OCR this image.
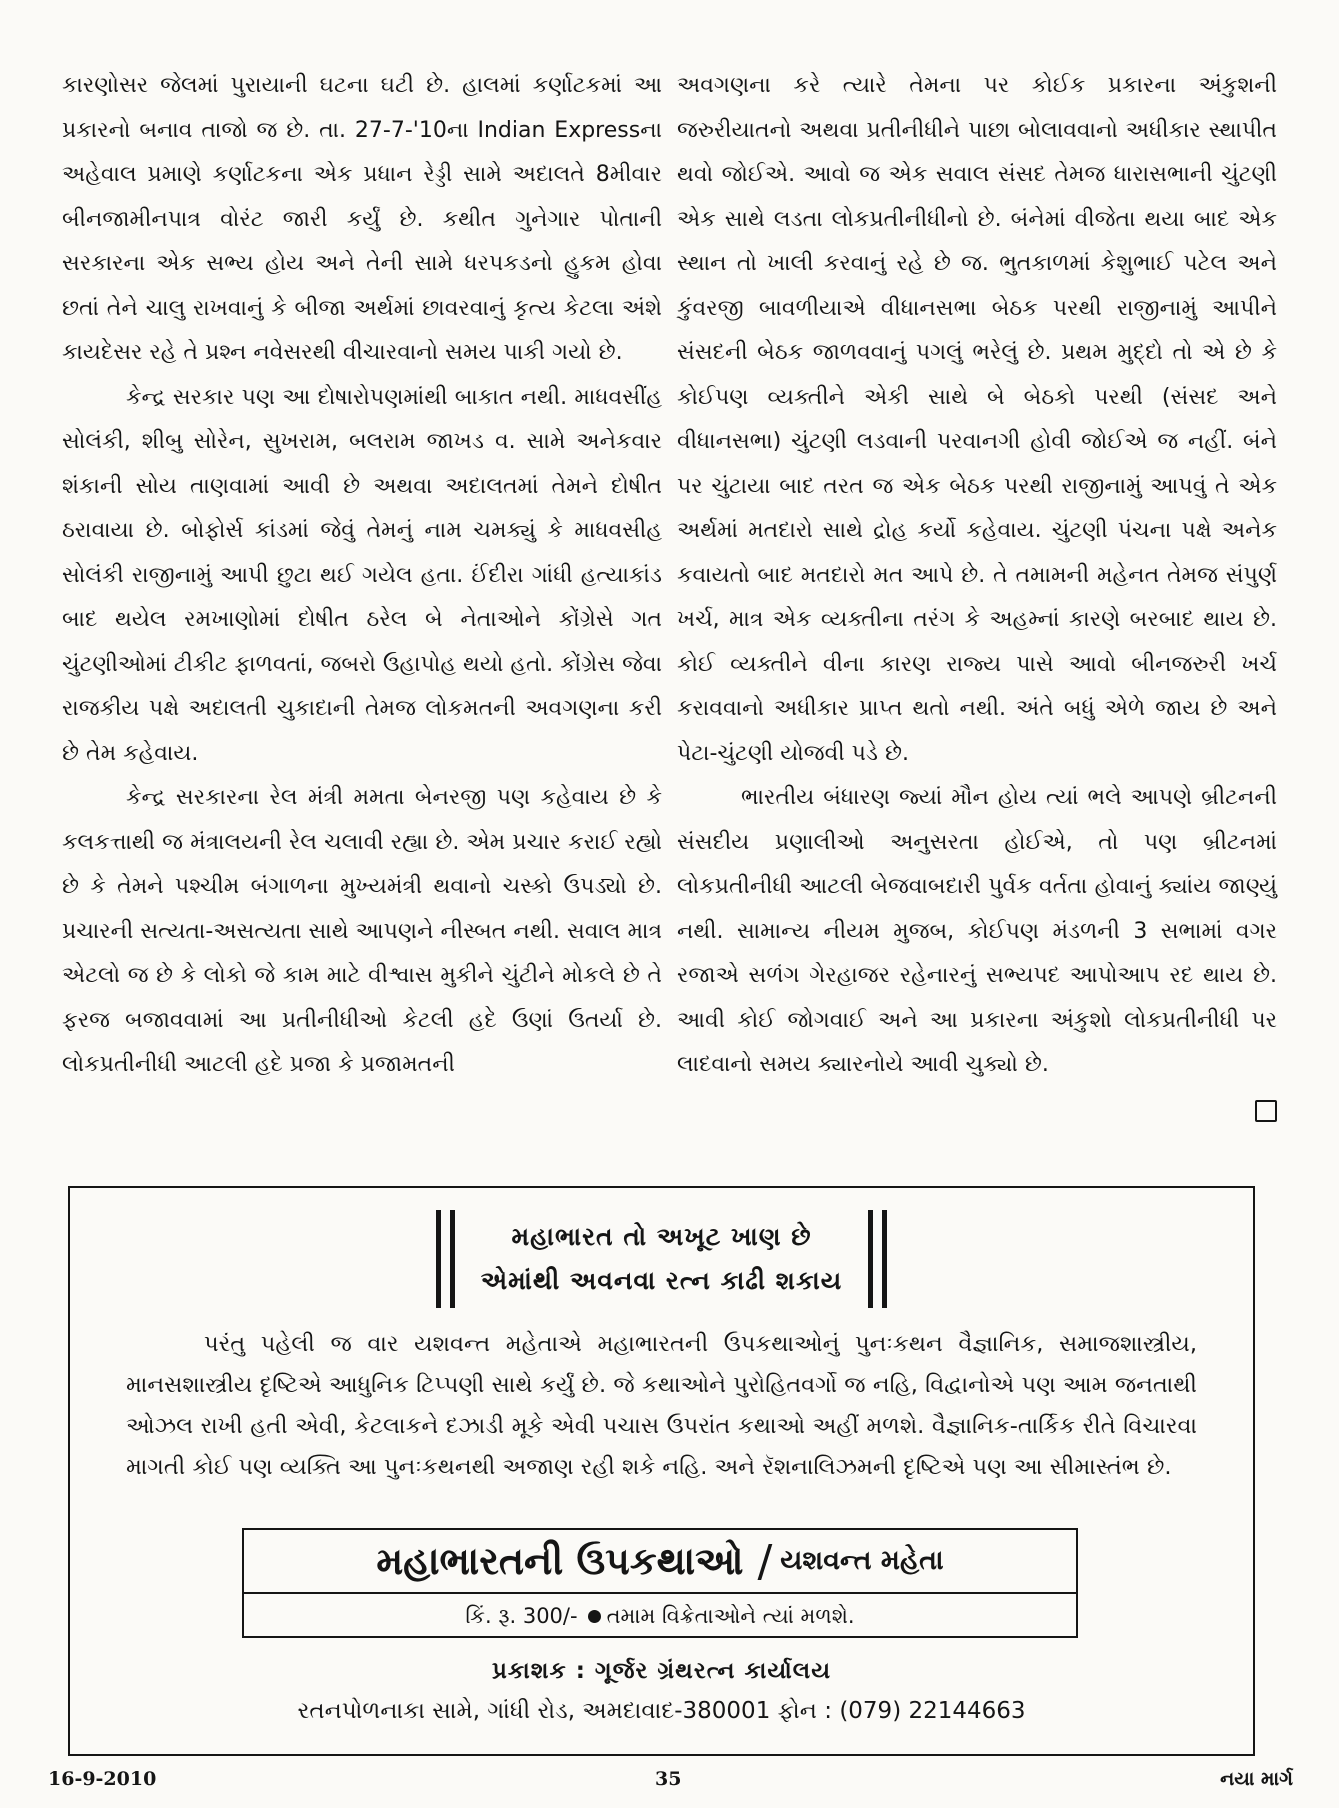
કારણોસર જેલમાં પુરાયાની ઘટના ઘટી છે. હાલમાં કર્ણાટકમાં આ પ્રકારનો બનાવ તાજો જ છે. તા. 27-7-'10ના Indian Expressના અહેવાલ પ્રમાણે કર્ણાટકના એક પ્રધાન રેડ્ડી સામે અદાલતે 8મીવાર બીનજામીનપાત્ર વોરંટ જારી કર્યું છે. કથીત ગુનેગાર પોતાની સરકારના એક સભ્ય હોય અને તેની સામે ધરપકડનો હુકમ હોવા છતાં તેને ચાલુ રાખવાનું કે બીજા અર્થમાં છાવરવાનું કૃત્ય કેટલા અંશે કાયદેસર રહે તે પ્રશ્ન નવેસરથી વીચારવાનો સમય પાકી ગયો છે.

કેન્દ્ર સરકાર પણ આ દોષારોપણમાંથી બાકાત નથી. માધવસીંહ સોલંકી, શીબુ સોરેન, સુખરામ, બલરામ જાખડ વ. સામે અનેકવાર શંકાની સોય તાણવામાં આવી છે અથવા અદાલતમાં તેમને દોષીત ઠરાવાયા છે. બોફોર્સ કાંડમાં જેવું તેમનું નામ ચમક્યું કે માધવસીહ સોલંકી રાજીનામું આપી છુટા થઈ ગયેલ હતા. ઈંદીરા ગાંધી હત્યાકાંડ બાદ થયેલ રમખાણોમાં દોષીત ઠરેલ બે નેતાઓને કોંગ્રેસે ગત ચુંટણીઓમાં ટીકીટ ફાળવતાં, જબરો ઉહાપોહ થયો હતો. કોંગ્રેસ જેવા રાજકીય પક્ષે અદાલતી ચુકાદાની તેમજ લોકમતની અવગણના કરી છે તેમ કહેવાય.

કેન્દ્ર સરકારના રેલ મંત્રી મમતા બેનરજી પણ કહેવાય છે કે કલકત્તાથી જ મંત્રાલયની રેલ ચલાવી રહ્યા છે. એમ પ્રચાર કરાઈ રહ્યો છે કે તેમને પશ્ચીમ બંગાળના મુખ્યમંત્રી થવાનો ચસ્કો ઉપડ્યો છે. પ્રચારની સત્યતા-અસત્યતા સાથે આપણને નીસ્બત નથી. સવાલ માત્ર એટલો જ છે કે લોકો જે કામ માટે વીશ્વાસ મુકીને ચુંટીને મોકલે છે તે ફરજ બજાવવામાં આ પ્રતીનીધીઓ કેટલી હદે ઉણાં ઉતર્યા છે. લોકપ્રતીનીધી આટલી હદે પ્રજા કે પ્રજામતની

અવગણના કરે ત્યારે તેમના પર કોઈક પ્રકારના અંકુશની જરુરીયાતનો અથવા પ્રતીનીધીને પાછા બોલાવવાનો અધીકાર સ્થાપીત થવો જોઈએ. આવો જ એક સવાલ સંસદ તેમજ ધારાસભાની ચુંટણી એક સાથે લડતા લોકપ્રતીનીધીનો છે. બંનેમાં વીજેતા થયા બાદ એક સ્થાન તો ખાલી કરવાનું રહે છે જ. ભુતકાળમાં કેશુભાઈ પટેલ અને કુંવરજી બાવળીયાએ વીધાનસભા બેઠક પરથી રાજીનામું આપીને સંસદની બેઠક જાળવવાનું પગલું ભરેલું છે. પ્રથમ મુદ્દો તો એ છે કે કોઈપણ વ્યક્તીને એકી સાથે બે બેઠકો પરથી (સંસદ અને વીધાનસભા) ચુંટણી લડવાની પરવાનગી હોવી જોઈએ જ નહીં. બંને પર ચુંટાયા બાદ તરત જ એક બેઠક પરથી રાજીનામું આપવું તે એક અર્થમાં મતદારો સાથે દ્રોહ કર્યો કહેવાય. ચુંટણી પંચના પક્ષે અનેક કવાયતો બાદ મતદારો મત આપે છે. તે તમામની મહેનત તેમજ સંપુર્ણ ખર્ચ, માત્ર એક વ્યક્તીના તરંગ કે અહમ્નાં કારણે બરબાદ થાય છે. કોઈ વ્યક્તીને વીના કારણ રાજ્ય પાસે આવો બીનજરુરી ખર્ચ કરાવવાનો અધીકાર પ્રાપ્ત થતો નથી. અંતે બધું એળે જાય છે અને પેટા-ચુંટણી યોજવી પડે છે.

ભારતીય બંધારણ જ્યાં મૌન હોય ત્યાં ભલે આપણે બ્રીટનની સંસદીય પ્રણાલીઓ અનુસરતા હોઈએ, તો પણ બ્રીટનમાં લોકપ્રતીનીધી આટલી બેજવાબદારી પુર્વક વર્તતા હોવાનું ક્યાંય જાણ્યું નથી. સામાન્ય નીયમ મુજબ, કોઈપણ મંડળની 3 સભામાં વગર રજાએ સળંગ ગેરહાજર રહેનારનું સભ્યપદ આપોઆપ રદ થાય છે. આવી કોઈ જોગવાઈ અને આ પ્રકારના અંકુશો લોકપ્રતીનીધી પર લાદવાનો સમય ક્યારનોયે આવી ચુક્યો છે.

મહાભારત તો અખૂટ ખાણ છે
એમાંથી અવનવા રત્ન કાઢી શકાય
પરંતુ પહેલી જ વાર યશવન્ત મહેતાએ મહાભારતની ઉપકથાઓનું પુનઃકથન વૈજ્ઞાનિક, સમાજશાસ્ત્રીય, માનસશાસ્ત્રીય દૃષ્ટિએ આધુનિક ટિપ્પણી સાથે કર્યું છે. જે કથાઓને પુરોહિતવર્ગો જ નહિ, વિદ્વાનોએ પણ આમ જનતાથી ઓઝલ રાખી હતી એવી, કેટલાકને દઝાડી મૂકે એવી પચાસ ઉપરાંત કથાઓ અહીં મળશે. વૈજ્ઞાનિક-તાર્કિક રીતે વિચારવા માગતી કોઈ પણ વ્યક્તિ આ પુનઃકથનથી અજાણ રહી શકે નહિ. અને રૅશનાલિઝમની દૃષ્ટિએ પણ આ સીમાસ્તંભ છે.
મહાભારતની ઉપકથાઓ / યશવન્ત મહેતા
કિં. રૂ. 300/- તમામ વિક્રેતાઓને ત્યાં મળશે.
પ્રકાશક : ગૂર્જર ગ્રંથરત્ન કાર્યાલય
રતનપોળનાકા સામે, ગાંધી રોડ, અમદાવાદ-380001 ફોન : (079) 22144663
16-9-2010	35	નયા માર્ગ
